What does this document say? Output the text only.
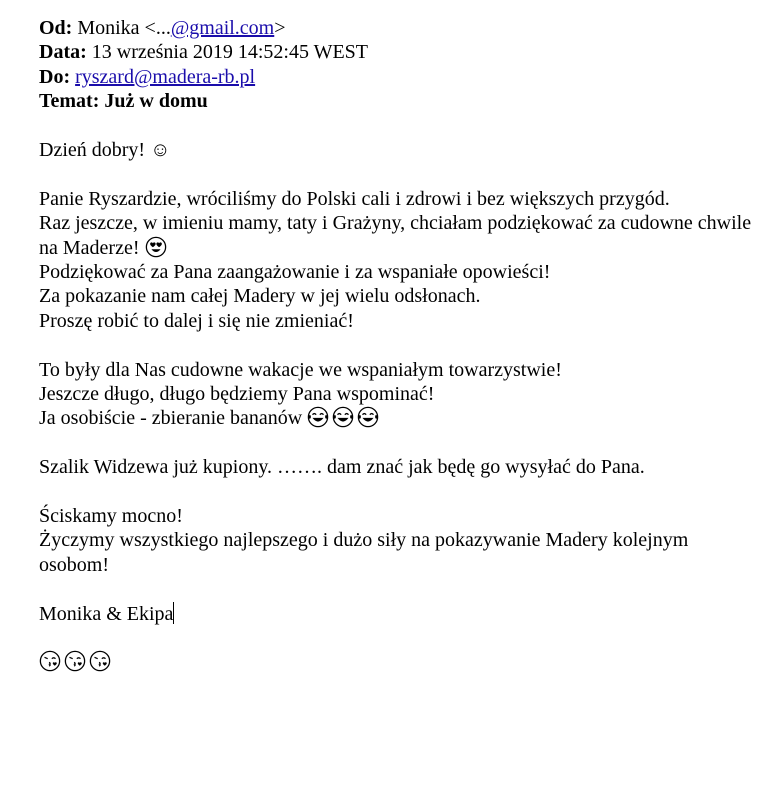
Od: Monika <...@gmail.com>
Data: 13 września 2019 14:52:45 WEST
Do: ryszard@madera-rb.pl
Temat: Już w domu
Dzień dobry! ☺
Panie Ryszardzie, wróciliśmy do Polski cali i zdrowi i bez większych przygód.
Raz jeszcze, w imieniu mamy, taty i Grażyny, chciałam podziękować za cudowne chwile na Maderze!
Podziękować za Pana zaangażowanie i za wspaniałe opowieści!
Za pokazanie nam całej Madery w jej wielu odsłonach.
Proszę robić to dalej i się nie zmieniać!
To były dla Nas cudowne wakacje we wspaniałym towarzystwie!
Jeszcze długo, długo będziemy Pana wspominać!
Ja osobiście - zbieranie bananów
Szalik Widzewa już kupiony. ……. dam znać jak będę go wysyłać do Pana.
Ściskamy mocno!
Życzymy wszystkiego najlepszego i dużo siły na pokazywanie Madery kolejnym osobom!
Monika & Ekipa
